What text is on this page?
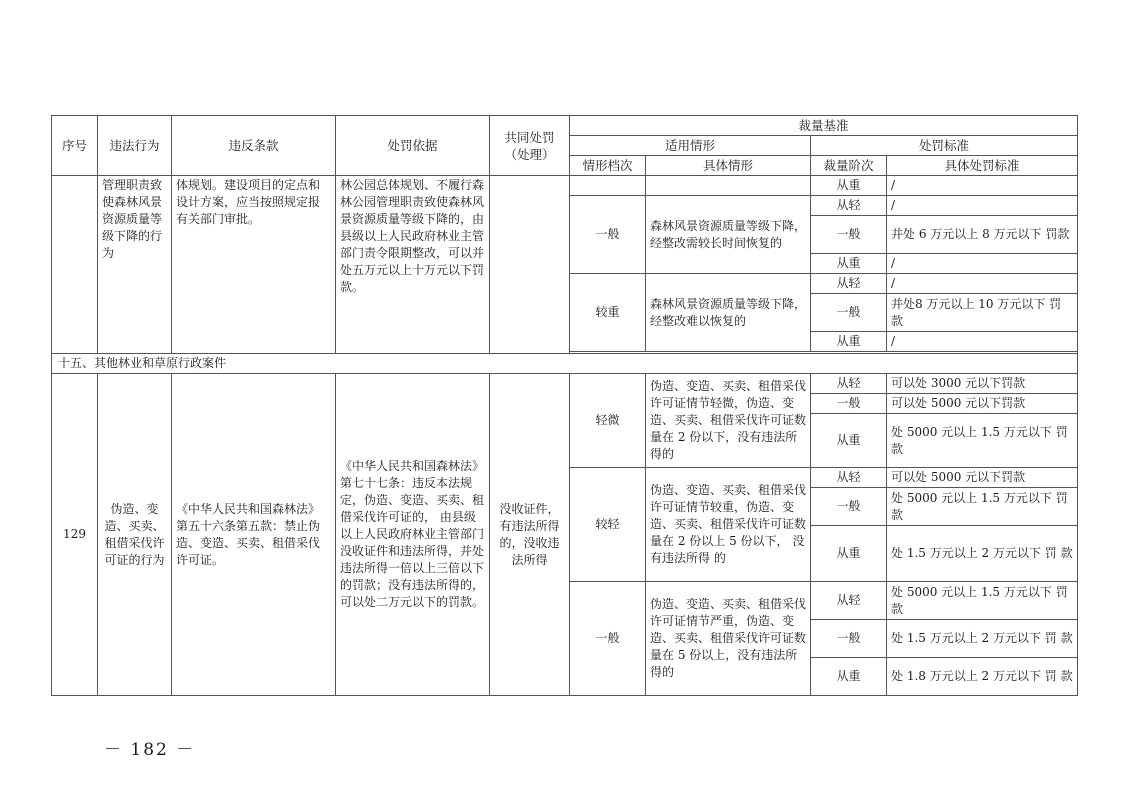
序号	违法行为	违反条款	处罚依据	共同处罚（处理）	裁量基准			
					适用情形		处罚标准	
					情形档次	具体情形	裁量阶次	具体处罚标准
	管理职责致使森林风景资源质量等级下降的行为	体规划。建设项目的定点和设计方案，应当按照规定报有关部门审批。	林公园总体规划、不履行森林公园管理职责致使森林风景资源质量等级下降的，由县级以上人民政府林业主管部门责令限期整改，可以并处五万元以上十万元以下罚款。				从重	/
					一般	森林风景资源质量等级下降，经整改需较长时间恢复的	从轻	/
							一般	并处 6 万元以上 8 万元以下 罚款
							从重	/
					较重	森林风景资源质量等级下降，经整改难以恢复的	从轻	/
							一般	并处8 万元以上 10 万元以下 罚款
							从重	/

十五、其他林业和草原行政案件								
129	伪造、变造、买卖、租借采伐许可证的行为	《中华人民共和国森林法》第五十六条第五款：禁止伪造、变造、买卖、租借采伐许可证。	《中华人民共和国森林法》第七十七条：违反本法规定，伪造、变造、买卖、租借采伐许可证的， 由县级以上人民政府林业主管部门没收证件和违法所得，并处违法所得一倍以上三倍以下的罚款；没有违法所得的，可以处二万元以下的罚款。	没收证件，有违法所得的，没收违法所得	轻微	伪造、变造、买卖、租借采伐许可证情节轻微，伪造、变造、买卖、租借采伐许可证数量在 2 份以下，没有违法所得的	从轻	可以处 3000 元以下罚款
							一般	可以处 5000 元以下罚款
							从重	处 5000 元以上 1.5 万元以下 罚款
					较轻	伪造、变造、买卖、租借采伐许可证情节较重，伪造、变造、买卖、租借采伐许可证数量在 2 份以上 5 份以下， 没有违法所得 的	从轻	可以处 5000 元以下罚款
							一般	处 5000 元以上 1.5 万元以下 罚款
							从重	处 1.5 万元以上 2 万元以下 罚 款
					一般	伪造、变造、买卖、租借采伐许可证情节严重，伪造、变造、买卖、租借采伐许可证数量在 5 份以上，没有违法所得的	从轻	处 5000 元以上 1.5 万元以下 罚款
							一般	处 1.5 万元以上 2 万元以下 罚 款
							从重	处 1.8 万元以上 2 万元以下 罚 款
－ 182 －
